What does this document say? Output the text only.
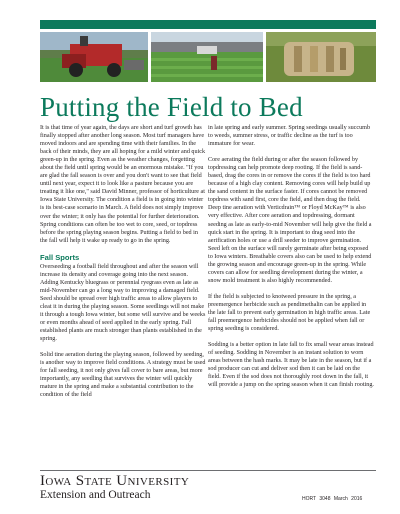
Putting the Field to Bed

It is that time of year again, the days are short and turf growth has finally stopped after another long season. Most turf managers have moved indoors and are spending time with their families. In the back of their minds, they are all hoping for a mild winter and quick green-up in the spring. Even as the weather changes, forgetting about the field until spring would be an enormous mistake. "If you are glad the fall season is over and you don't want to see that field until next year, expect it to look like a pasture because you are treating it like one," said David Minner, professor of horticulture at Iowa State University. The condition a field is in going into winter is its best-case scenario in March. A field does not simply improve over the winter; it only has the potential for further deterioration. Spring conditions can often be too wet to core, seed, or topdress before the spring playing season begins. Putting a field to bed in the fall will help it wake up ready to go in the spring.

Fall Sports

Overseeding a football field throughout and after the season will increase its density and coverage going into the next season. Adding Kentucky bluegrass or perennial ryegrass even as late as mid-November can go a long way to improving a damaged field. Seed should be spread over high traffic areas to allow players to cleat it in during the playing season. Some seedlings will not make it through a tough Iowa winter, but some will survive and be weeks or even months ahead of seed applied in the early spring. Fall established plants are much stronger than plants established in the spring.

Solid tine aeration during the playing season, followed by seeding, is another way to improve field conditions. A strategy must be used for fall seeding, it not only gives fall cover to bare areas, but more importantly, any seedling that survives the winter will quickly mature in the spring and make a substantial contribution to the condition of the field

in late spring and early summer. Spring seedings usually succumb to weeds, summer stress, or traffic decline as the turf is too immature for wear.

Core aerating the field during or after the season followed by topdressing can help promote deep rooting. If the field is sand-based, drag the cores in or remove the cores if the field is too hard because of a high clay content. Removing cores will help build up the sand content in the surface faster. If cores cannot be removed topdress with sand first, core the field, and then drag the field. Deep tine aeration with Verticdrain™ or Floyd McKay™ is also very effective. After core aeration and topdressing, dormant seeding as late as early-to-mid November will help give the field a quick start in the spring. It is important to drag seed into the aerification holes or use a drill seeder to improve germination. Seed left on the surface will rarely germinate after being exposed to Iowa winters. Breathable covers also can be used to help extend the growing season and encourage green-up in the spring. While covers can allow for seedling development during the winter, a snow mold treatment is also highly recommended.

If the field is subjected to knotweed pressure in the spring, a preemergence herbicide such as pendimethalin can be applied in the late fall to prevent early germination in high traffic areas. Late fall preemergence herbicides should not be applied when fall or spring seeding is considered.

Sodding is a better option in late fall to fix small wear areas instead of seeding. Sodding in November is an instant solution to worn areas between the hash marks. It may be late in the season, but if a sod producer can cut and deliver sod then it can be laid on the field. Even if the sod does not thoroughly root down in the fall, it will provide a jump on the spring season when it can finish rooting.

Iowa State University
Extension and Outreach	HORT 3048 March 2016
